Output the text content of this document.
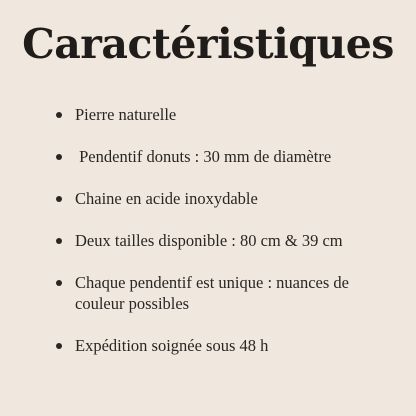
Caractéristiques
Pierre naturelle
Pendentif donuts : 30 mm de diamètre
Chaine en acide inoxydable
Deux tailles disponible : 80 cm & 39 cm
Chaque pendentif est unique : nuances de couleur possibles
Expédition soignée sous 48 h
